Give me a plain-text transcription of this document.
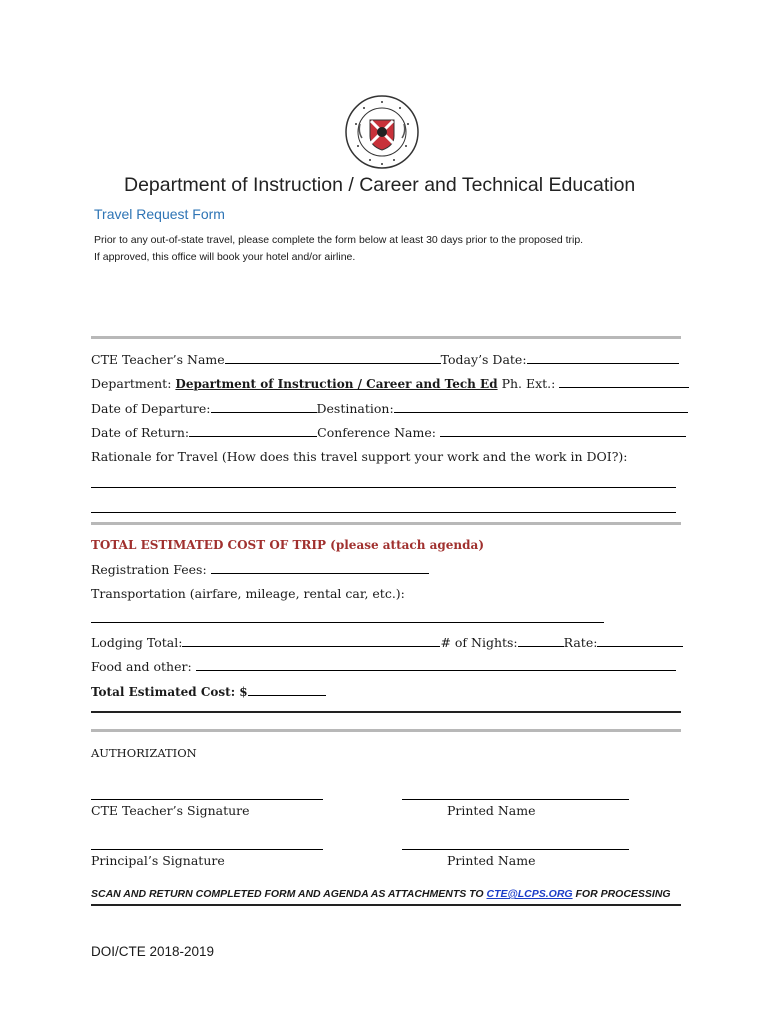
Department of Instruction / Career and Technical Education
Travel Request Form
Prior to any out-of-state travel, please complete the form below at least 30 days prior to the proposed trip.
If approved, this office will book your hotel and/or airline.
CTE Teacher’s Name	Today’s Date:
Department: Department of Instruction / Career and Tech Ed Ph. Ext.:
Date of Departure:	Destination:
Date of Return:	Conference Name:
Rationale for Travel (How does this travel support your work and the work in DOI?):
TOTAL ESTIMATED COST OF TRIP (please attach agenda)
Registration Fees:
Transportation (airfare, mileage, rental car, etc.):
Lodging Total:	# of Nights:	Rate:
Food and other:
Total Estimated Cost: $
AUTHORIZATION
CTE Teacher’s Signature	Printed Name
Principal’s Signature	Printed Name
SCAN AND RETURN COMPLETED FORM AND AGENDA AS ATTACHMENTS TO CTE@LCPS.ORG FOR PROCESSING
DOI/CTE 2018-2019
